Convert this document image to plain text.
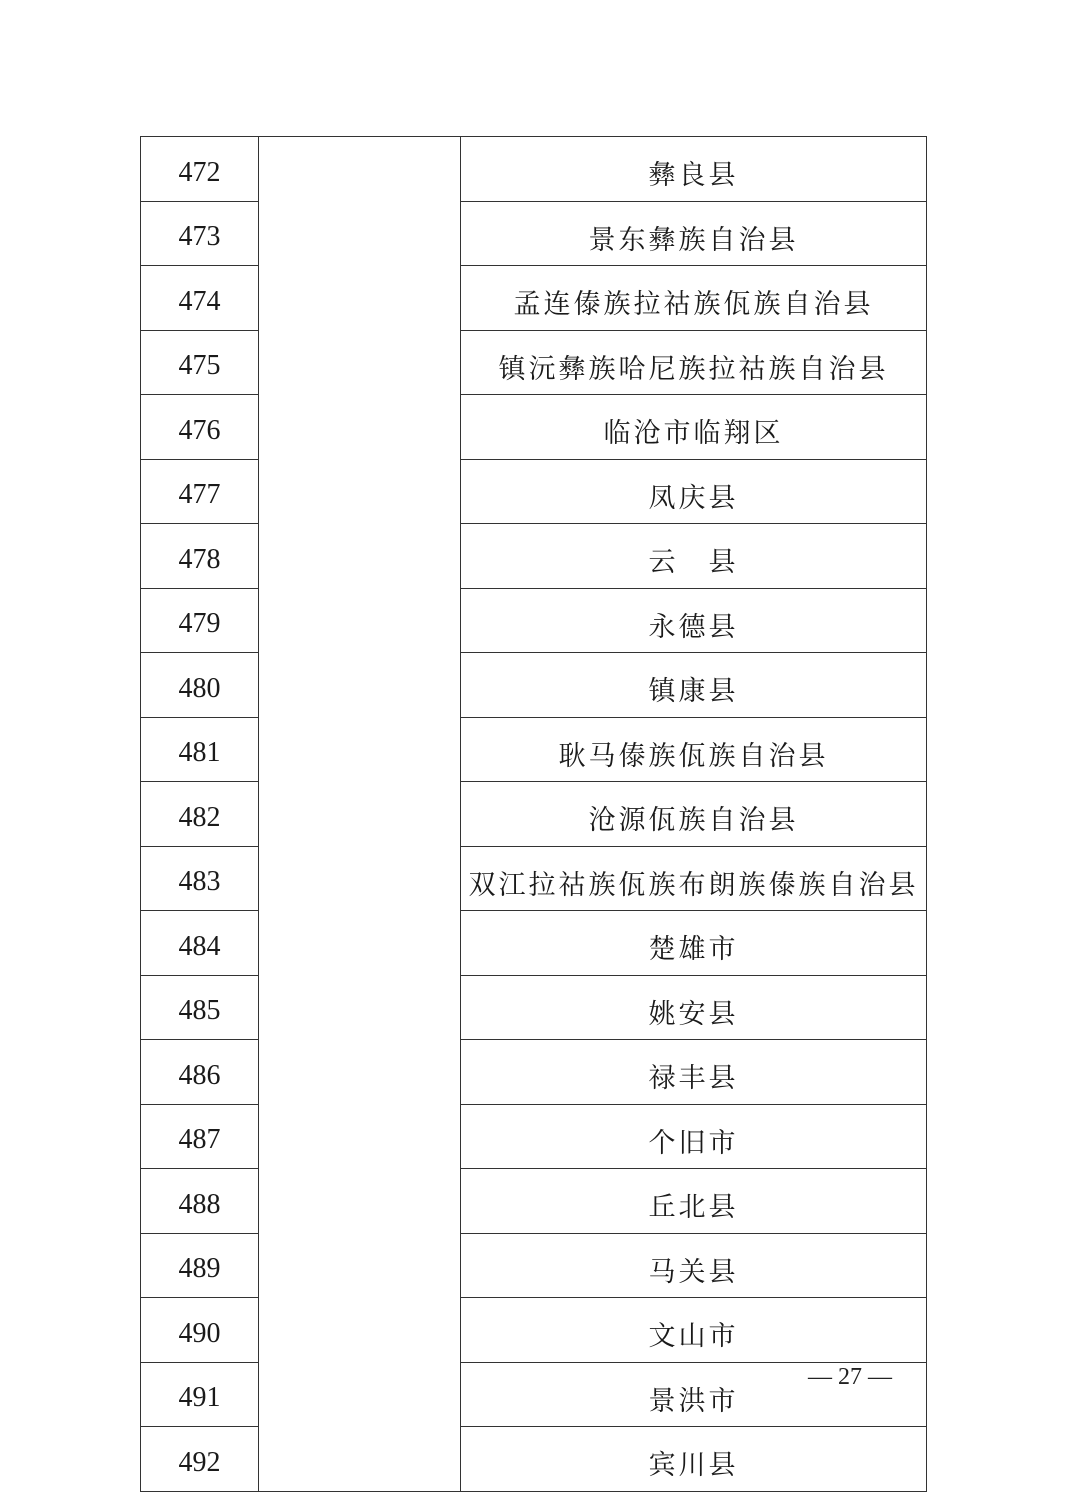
472		彝良县
473		景东彝族自治县
474		孟连傣族拉祜族佤族自治县
475		镇沅彝族哈尼族拉祜族自治县
476		临沧市临翔区
477		凤庆县
478		云　县
479		永德县
480		镇康县
481		耿马傣族佤族自治县
482		沧源佤族自治县
483		双江拉祜族佤族布朗族傣族自治县
484		楚雄市
485		姚安县
486		禄丰县
487		个旧市
488		丘北县
489		马关县
490		文山市
491		景洪市
492		宾川县
— 27 —
